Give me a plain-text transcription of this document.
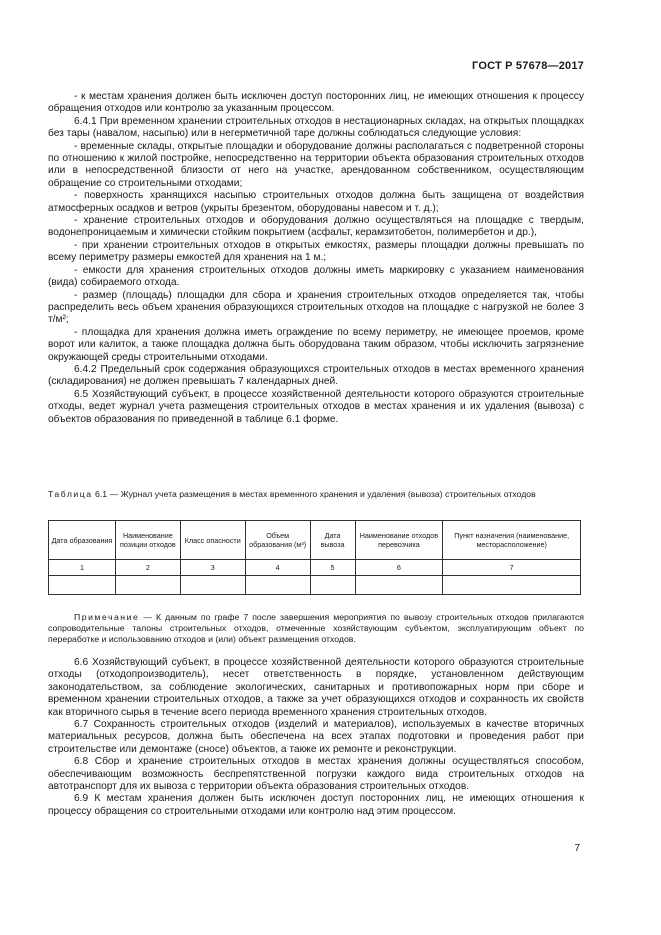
ГОСТ Р 57678—2017

- к местам хранения должен быть исключен доступ посторонних лиц, не имеющих отношения к процессу обращения отходов или контролю за указанным процессом.

6.4.1 При временном хранении строительных отходов в нестационарных складах, на открытых площадках без тары (навалом, насыпью) или в негерметичной таре должны соблюдаться следующие условия:

- временные склады, открытые площадки и оборудование должны располагаться с подветренной стороны по отношению к жилой постройке, непосредственно на территории объекта образования строительных отходов или в непосредственной близости от него на участке, арендованном собственником, осуществляющим обращение со строительными отходами;

- поверхность хранящихся насыпью строительных отходов должна быть защищена от воздействия атмосферных осадков и ветров (укрыты брезентом, оборудованы навесом и т. д.);

- хранение строительных отходов и оборудования должно осуществляться на площадке с твердым, водонепроницаемым и химически стойким покрытием (асфальт, керамзитобетон, полимербетон и др.),

- при хранении строительных отходов в открытых емкостях, размеры площадки должны превышать по всему периметру размеры емкостей для хранения на 1 м.;

- емкости для хранения строительных отходов должны иметь маркировку с указанием наименования (вида) собираемого отхода.

- размер (площадь) площадки для сбора и хранения строительных отходов определяется так, чтобы распределить весь объем хранения образующихся строительных отходов на площадке с нагрузкой не более 3 т/м²;

- площадка для хранения должна иметь ограждение по всему периметру, не имеющее проемов, кроме ворот или калиток, а также площадка должна быть оборудована таким образом, чтобы исключить загрязнение окружающей среды строительными отходами.

6.4.2 Предельный срок содержания образующихся строительных отходов в местах временного хранения (складирования) не должен превышать 7 календарных дней.

6.5 Хозяйствующий субъект, в процессе хозяйственной деятельности которого образуются строительные отходы, ведет журнал учета размещения строительных отходов в местах хранения и их удаления (вывоза) с объектов образования по приведенной в таблице 6.1 форме.

Таблица 6.1 — Журнал учета размещения в местах временного хранения и удаления (вывоза) строительных отходов
Дата образования	Наименование позиции отходов	Класс опасности	Объем образования (м³)	Дата вывоза	Наименование отходов перевозчика	Пункт назначения (наименование, месторасположение)
1	2	3	4	5	6	7

Примечание — К данным по графе 7 после завершения мероприятия по вывозу строительных отходов прилагаются сопроводительные талоны строительных отходов, отмеченные хозяйствующим субъектом, эксплуатирующим объект по переработке и использованию отходов и (или) объект размещения отходов.

6.6 Хозяйствующий субъект, в процессе хозяйственной деятельности которого образуются строительные отходы (отходопроизводитель), несет ответственность в порядке, установленном действующим законодательством, за соблюдение экологических, санитарных и противопожарных норм при сборе и временном хранении строительных отходов, а также за учет образующихся отходов и сохранность их свойств как вторичного сырья в течение всего периода временного хранения строительных отходов.

6.7 Сохранность строительных отходов (изделий и материалов), используемых в качестве вторичных материальных ресурсов, должна быть обеспечена на всех этапах подготовки и проведения работ при строительстве или демонтаже (сносе) объектов, а также их ремонте и реконструкции.

6.8 Сбор и хранение строительных отходов в местах хранения должны осуществляться способом, обеспечивающим возможность беспрепятственной погрузки каждого вида строительных отходов на автотранспорт для их вывоза с территории объекта образования строительных отходов.

6.9 К местам хранения должен быть исключен доступ посторонних лиц, не имеющих отношения к процессу обращения со строительными отходами или контролю над этим процессом.

7
